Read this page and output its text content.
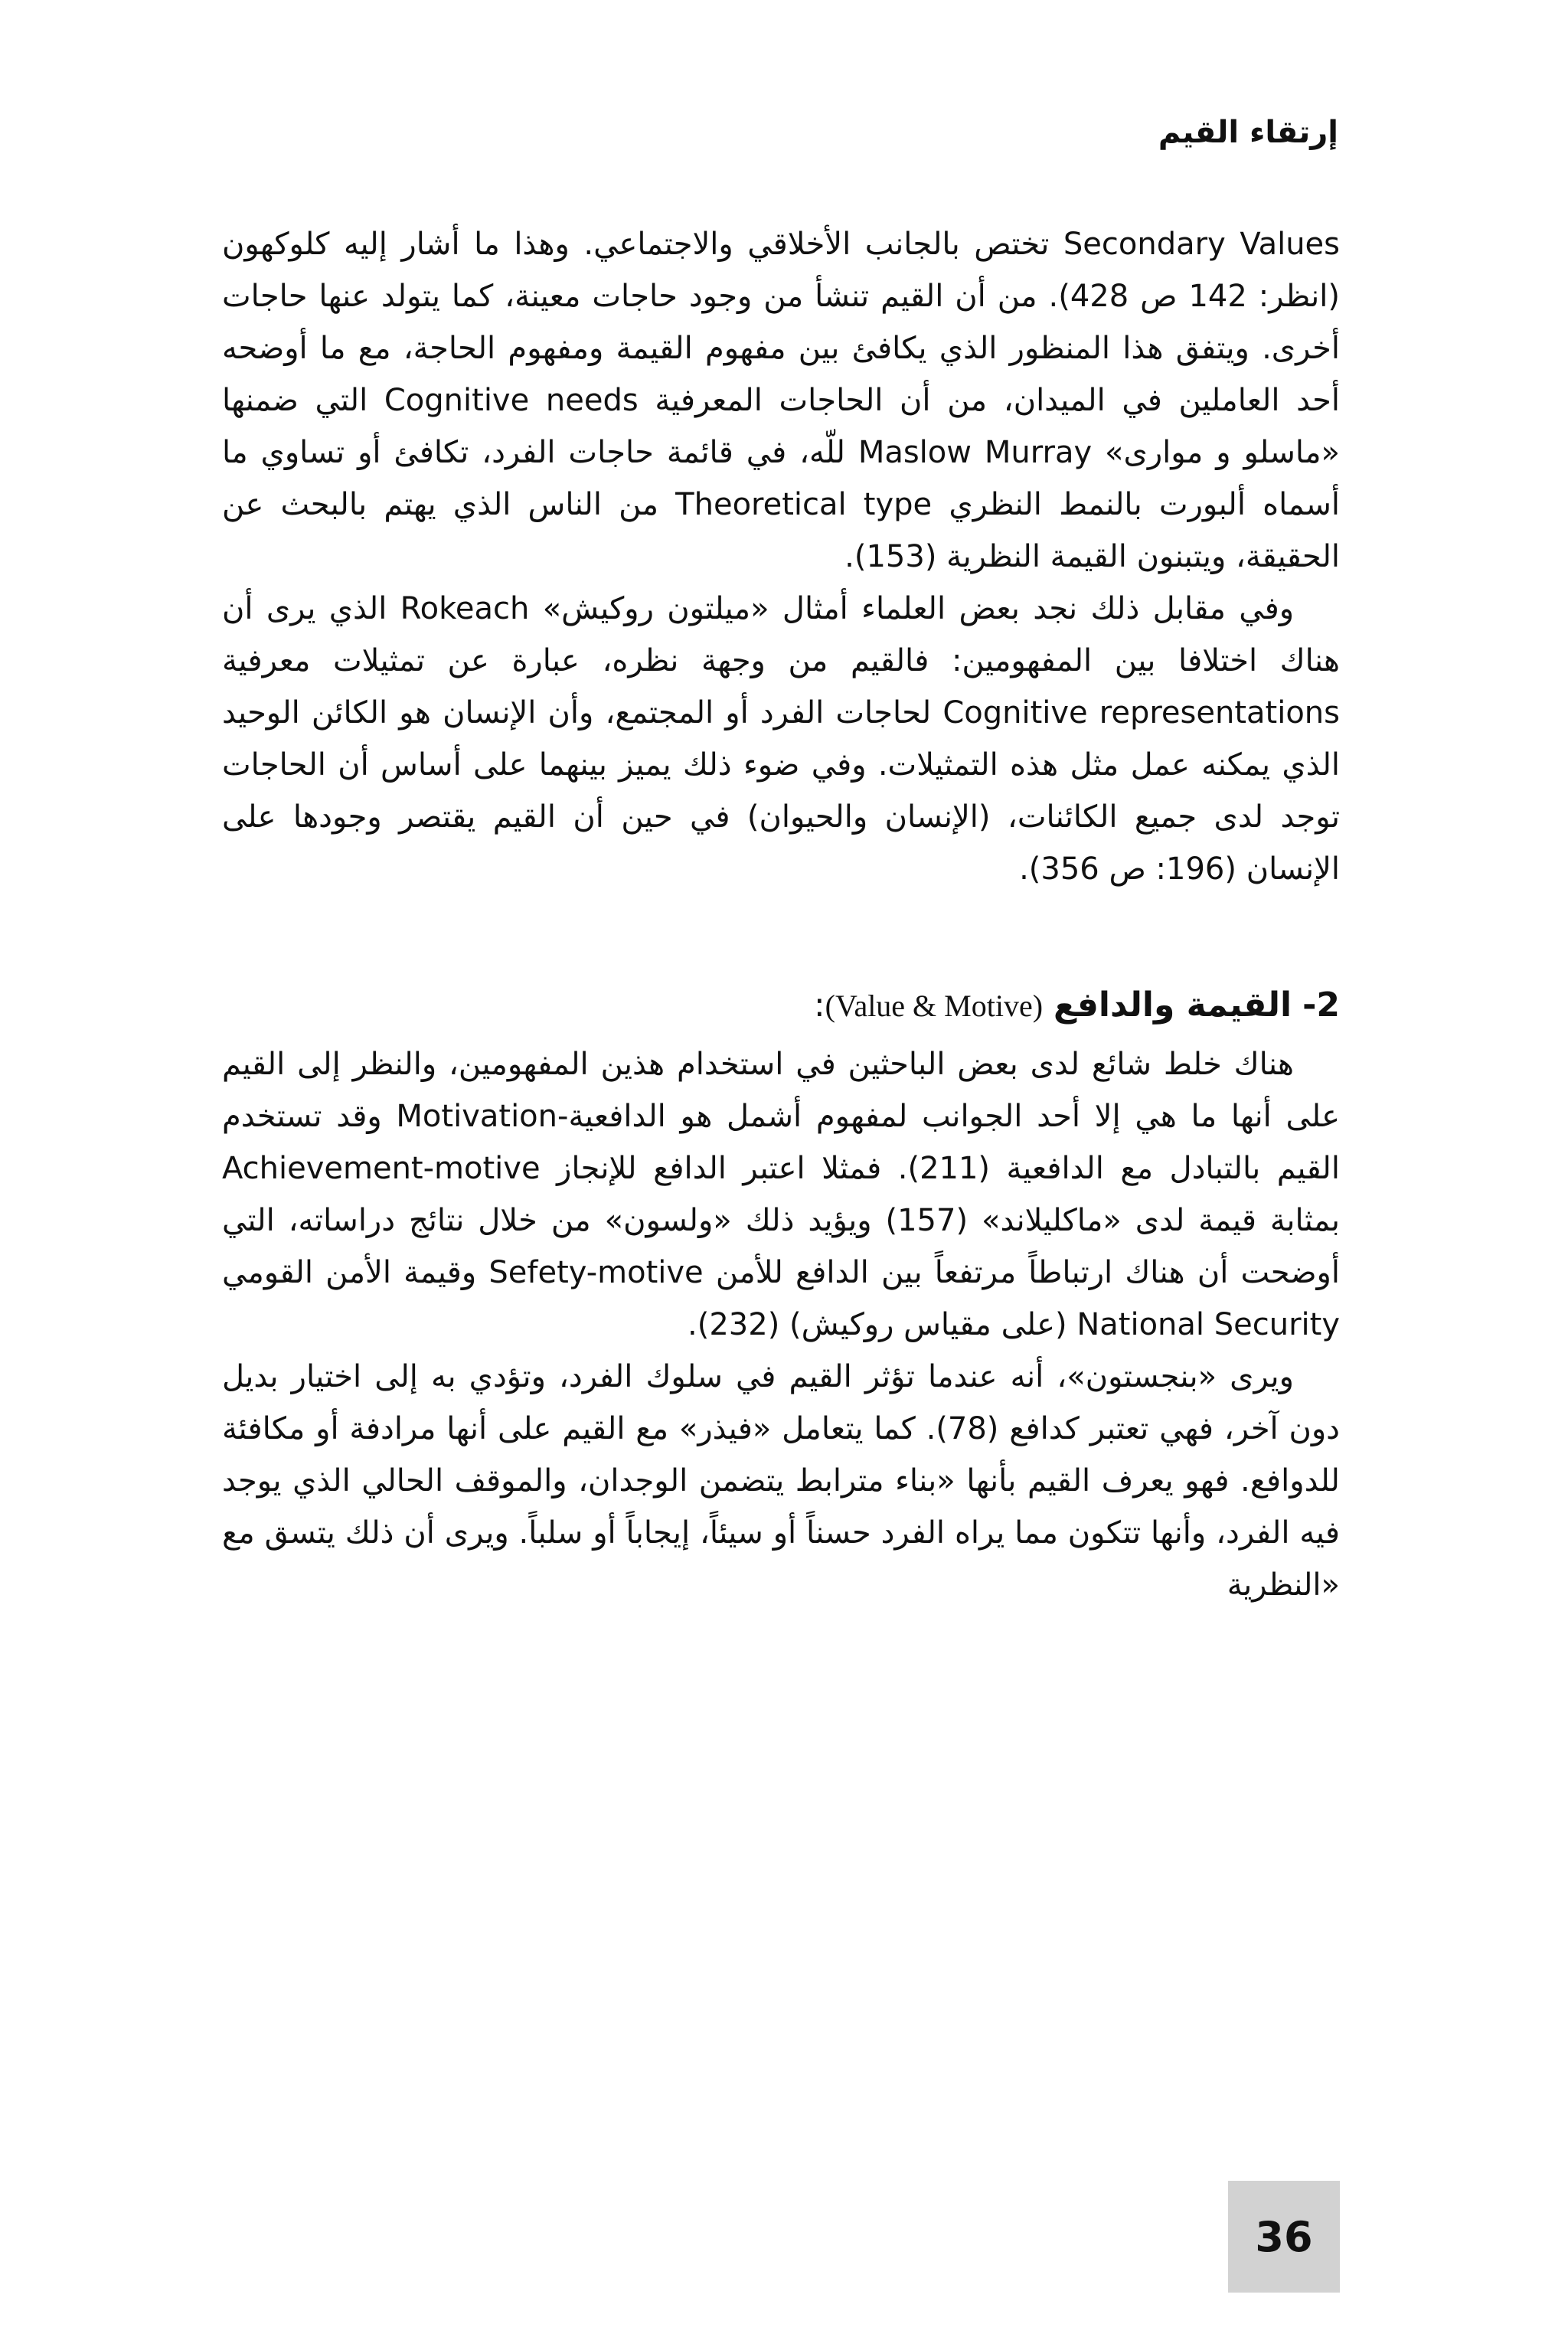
إرتقاء القيم

Secondary Values تختص بالجانب الأخلاقي والاجتماعي. وهذا ما أشار إليه كلوكهون (انظر: 142 ص 428). من أن القيم تنشأ من وجود حاجات معينة، كما يتولد عنها حاجات أخرى. ويتفق هذا المنظور الذي يكافئ بين مفهوم القيمة ومفهوم الحاجة، مع ما أوضحه أحد العاملين في الميدان، من أن الحاجات المعرفية Cognitive needs التي ضمنها «ماسلو و موارى» Maslow Murray للّه، في قائمة حاجات الفرد، تكافئ أو تساوي ما أسماه ألبورت بالنمط النظري Theoretical type من الناس الذي يهتم بالبحث عن الحقيقة، ويتبنون القيمة النظرية (153).

وفي مقابل ذلك نجد بعض العلماء أمثال «ميلتون روكيش» Rokeach الذي يرى أن هناك اختلافا بين المفهومين: فالقيم من وجهة نظره، عبارة عن تمثيلات معرفية Cognitive representations لحاجات الفرد أو المجتمع، وأن الإنسان هو الكائن الوحيد الذي يمكنه عمل مثل هذه التمثيلات. وفي ضوء ذلك يميز بينهما على أساس أن الحاجات توجد لدى جميع الكائنات، (الإنسان والحيوان) في حين أن القيم يقتصر وجودها على الإنسان (196: ص 356).

2- القيمة والدافع (Value & Motive):

هناك خلط شائع لدى بعض الباحثين في استخدام هذين المفهومين، والنظر إلى القيم على أنها ما هي إلا أحد الجوانب لمفهوم أشمل هو الدافعية-Motivation وقد تستخدم القيم بالتبادل مع الدافعية (211). فمثلا اعتبر الدافع للإنجاز Achievement-motive بمثابة قيمة لدى «ماكليلاند» (157) ويؤيد ذلك «ولسون» من خلال نتائج دراساته، التي أوضحت أن هناك ارتباطاً مرتفعاً بين الدافع للأمن Sefety-motive وقيمة الأمن القومي National Security (على مقياس روكيش) (232).

ويرى «بنجستون»، أنه عندما تؤثر القيم في سلوك الفرد، وتؤدي به إلى اختيار بديل دون آخر، فهي تعتبر كدافع (78). كما يتعامل «فيذر» مع القيم على أنها مرادفة أو مكافئة للدوافع. فهو يعرف القيم بأنها «بناء مترابط يتضمن الوجدان، والموقف الحالي الذي يوجد فيه الفرد، وأنها تتكون مما يراه الفرد حسناً أو سيئاً، إيجاباً أو سلباً. ويرى أن ذلك يتسق مع «النظرية

36
